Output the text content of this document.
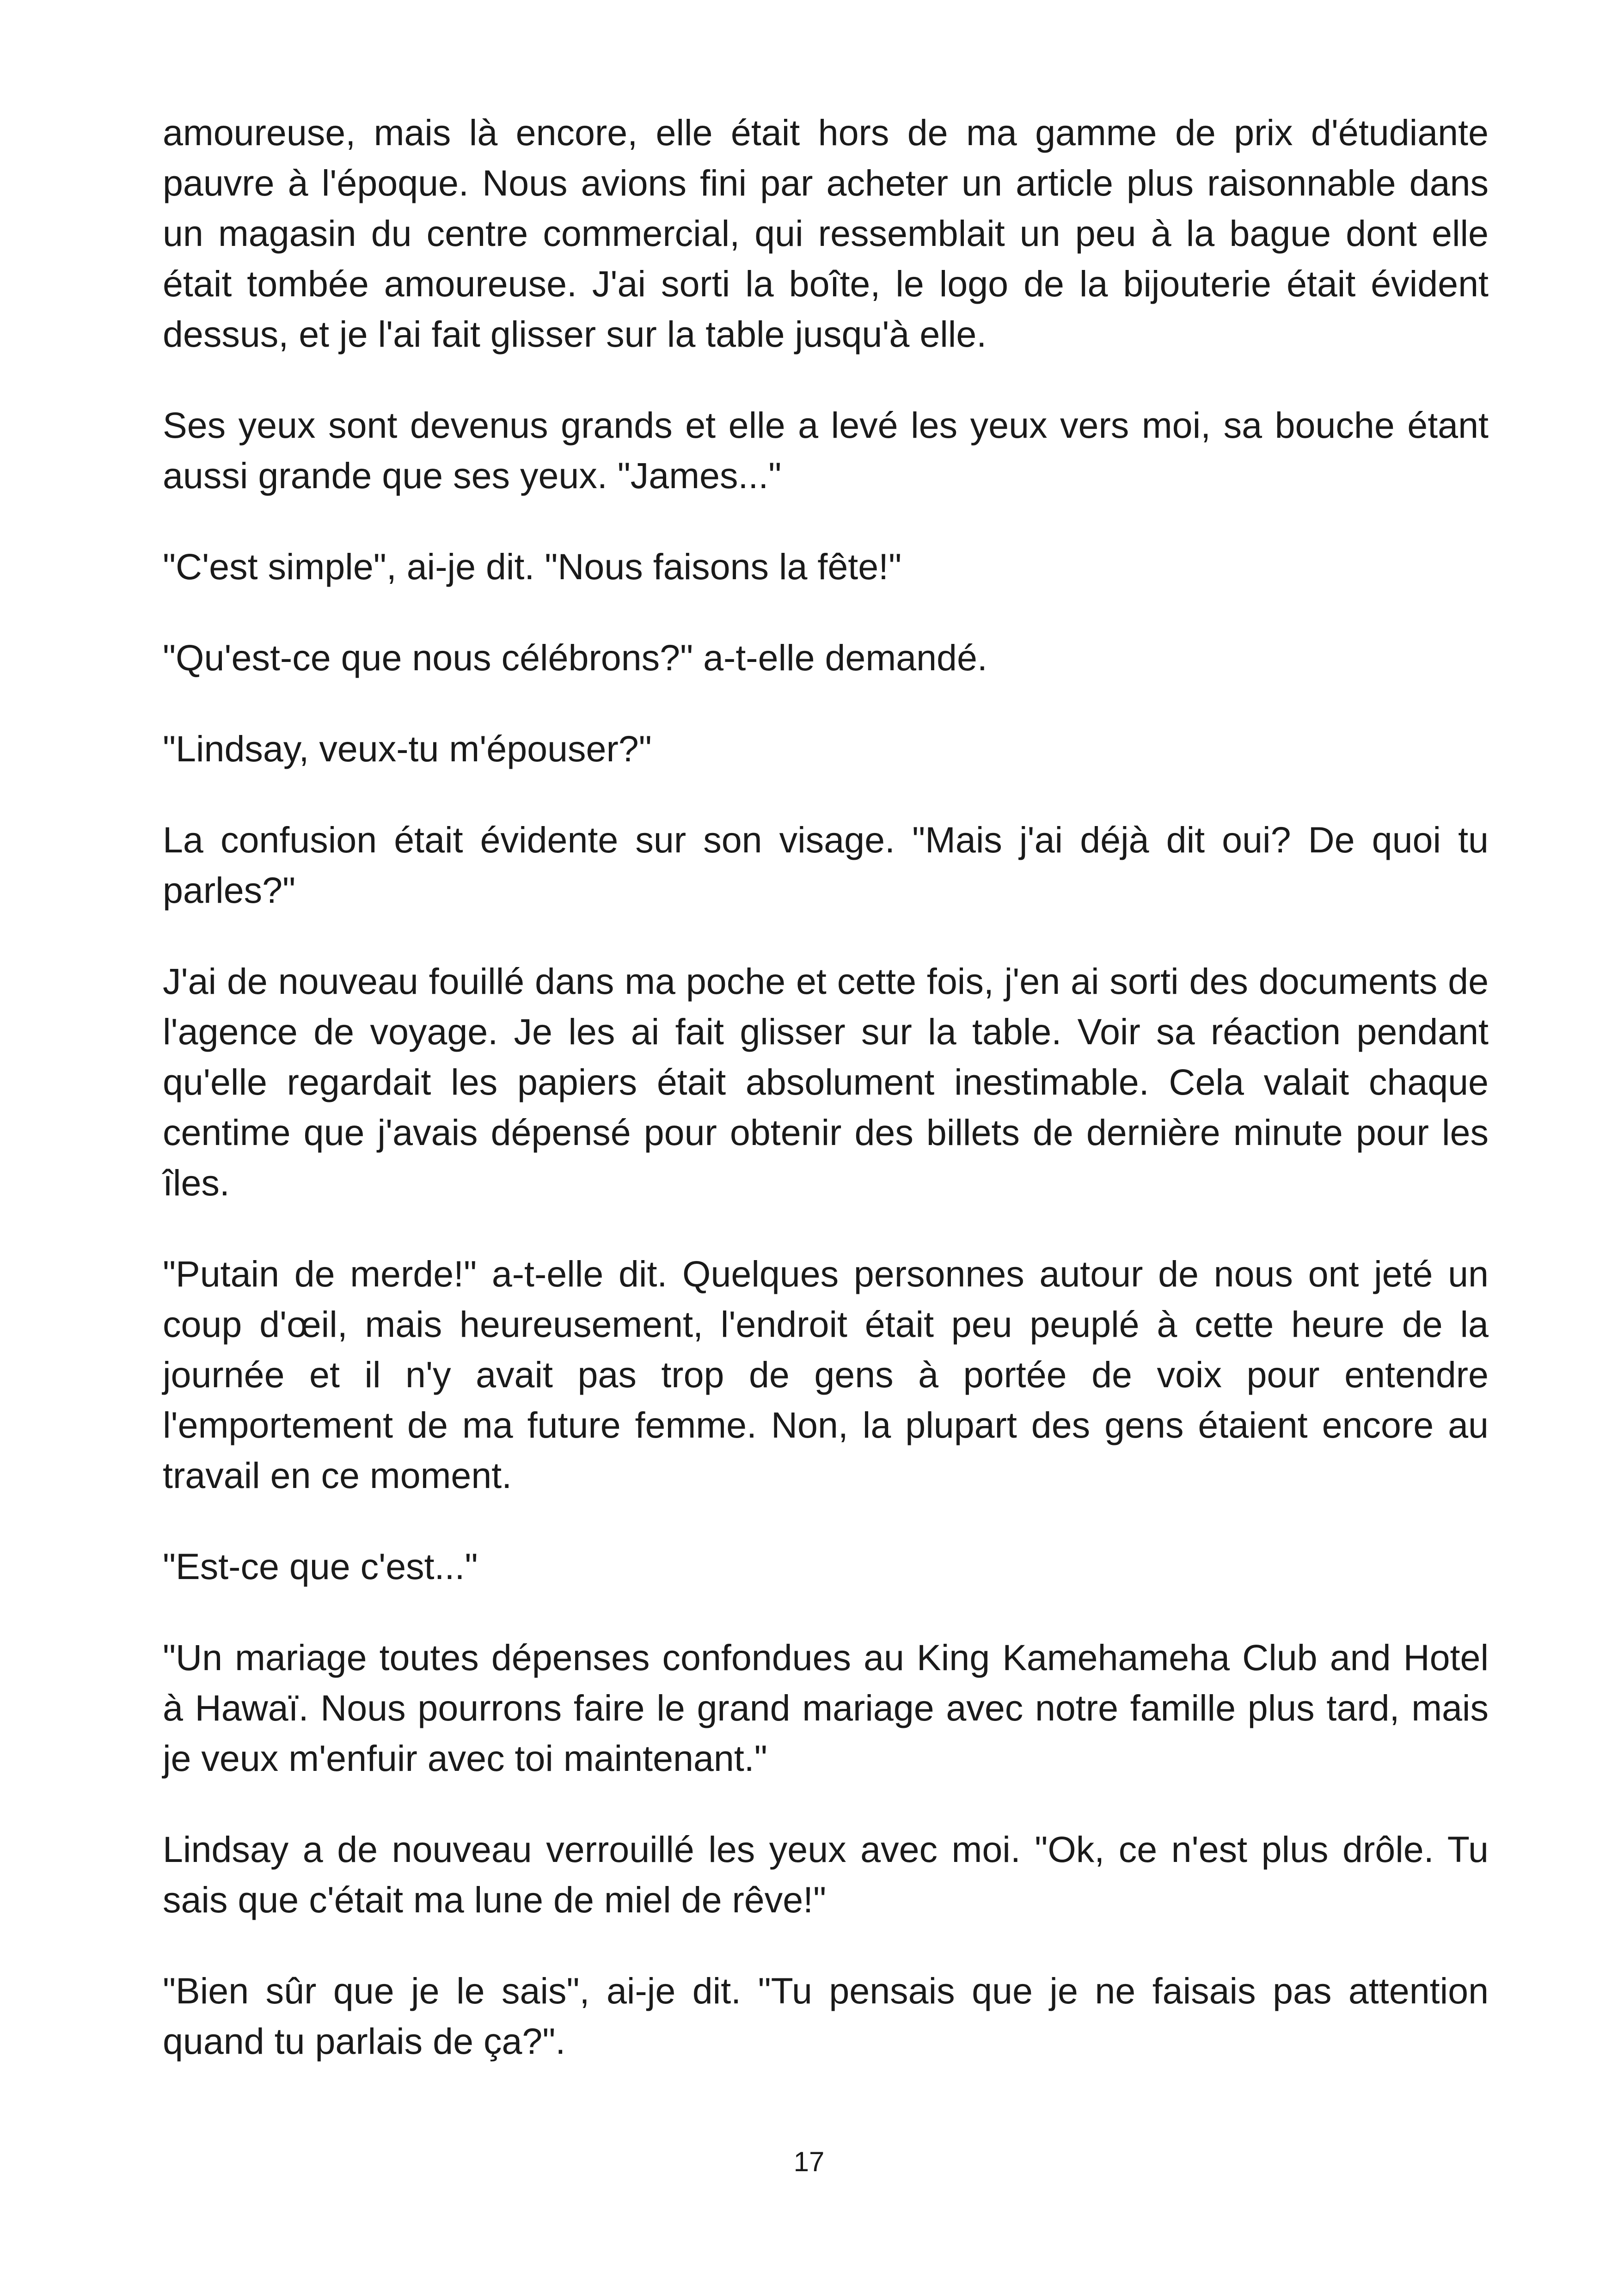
amoureuse, mais là encore, elle était hors de ma gamme de prix d'étudiante pauvre à l'époque. Nous avions fini par acheter un article plus raisonnable dans un magasin du centre commercial, qui ressemblait un peu à la bague dont elle était tombée amoureuse. J'ai sorti la boîte, le logo de la bijouterie était évident dessus, et je l'ai fait glisser sur la table jusqu'à elle.

Ses yeux sont devenus grands et elle a levé les yeux vers moi, sa bouche étant aussi grande que ses yeux. "James..."

"C'est simple", ai-je dit. "Nous faisons la fête!"

"Qu'est-ce que nous célébrons?" a-t-elle demandé.

"Lindsay, veux-tu m'épouser?"

La confusion était évidente sur son visage. "Mais j'ai déjà dit oui? De quoi tu parles?"

J'ai de nouveau fouillé dans ma poche et cette fois, j'en ai sorti des documents de l'agence de voyage. Je les ai fait glisser sur la table. Voir sa réaction pendant qu'elle regardait les papiers était absolument inestimable. Cela valait chaque centime que j'avais dépensé pour obtenir des billets de dernière minute pour les îles.

"Putain de merde!" a-t-elle dit. Quelques personnes autour de nous ont jeté un coup d'œil, mais heureusement, l'endroit était peu peuplé à cette heure de la journée et il n'y avait pas trop de gens à portée de voix pour entendre l'emportement de ma future femme. Non, la plupart des gens étaient encore au travail en ce moment.

"Est-ce que c'est..."

"Un mariage toutes dépenses confondues au King Kamehameha Club and Hotel à Hawaï. Nous pourrons faire le grand mariage avec notre famille plus tard, mais je veux m'enfuir avec toi maintenant."

Lindsay a de nouveau verrouillé les yeux avec moi. "Ok, ce n'est plus drôle. Tu sais que c'était ma lune de miel de rêve!"

"Bien sûr que je le sais", ai-je dit. "Tu pensais que je ne faisais pas attention quand tu parlais de ça?".

17
